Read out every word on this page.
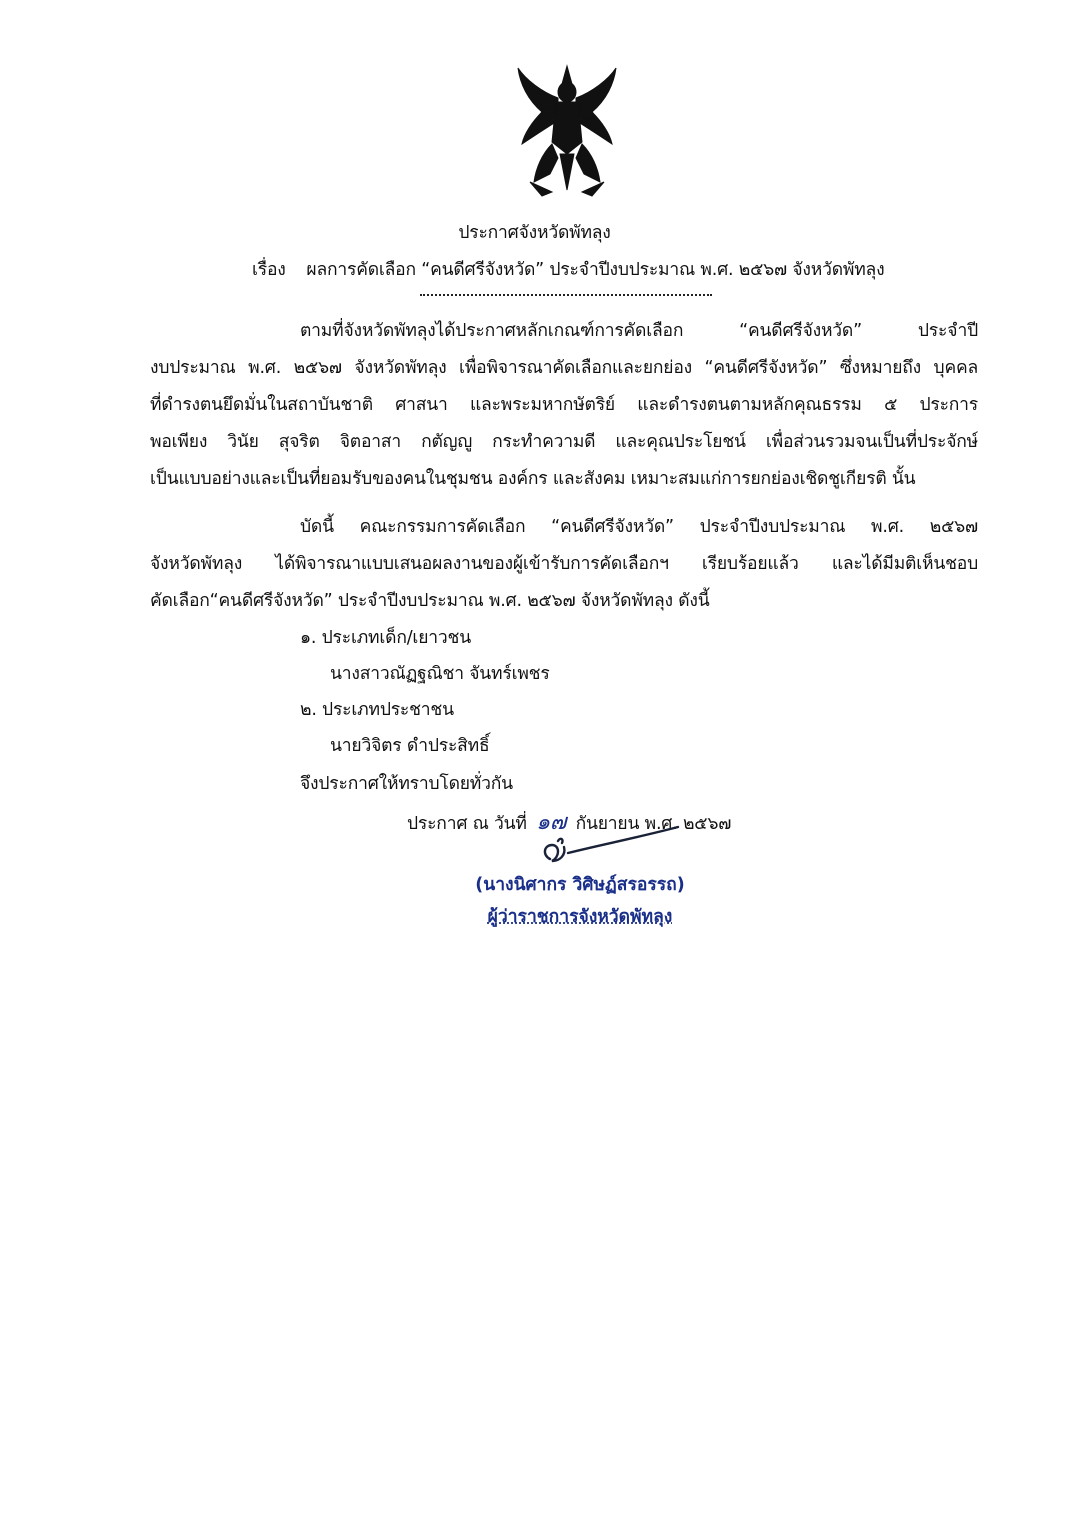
ประกาศจังหวัดพัทลุง
เรื่อง ผลการคัดเลือก “คนดีศรีจังหวัด” ประจำปีงบประมาณ พ.ศ. ๒๕๖๗ จังหวัดพัทลุง
ตามที่จังหวัดพัทลุงได้ประกาศหลักเกณฑ์การคัดเลือก “คนดีศรีจังหวัด” ประจำปี
งบประมาณ พ.ศ. ๒๕๖๗ จังหวัดพัทลุง เพื่อพิจารณาคัดเลือกและยกย่อง “คนดีศรีจังหวัด” ซึ่งหมายถึง บุคคล
ที่ดำรงตนยึดมั่นในสถาบันชาติ ศาสนา และพระมหากษัตริย์ และดำรงตนตามหลักคุณธรรม ๕ ประการ
พอเพียง วินัย สุจริต จิตอาสา กตัญญู กระทำความดี และคุณประโยชน์ เพื่อส่วนรวมจนเป็นที่ประจักษ์
เป็นแบบอย่างและเป็นที่ยอมรับของคนในชุมชน องค์กร และสังคม เหมาะสมแก่การยกย่องเชิดชูเกียรติ นั้น
บัดนี้ คณะกรรมการคัดเลือก “คนดีศรีจังหวัด” ประจำปีงบประมาณ พ.ศ. ๒๕๖๗
จังหวัดพัทลุง ได้พิจารณาแบบเสนอผลงานของผู้เข้ารับการคัดเลือกฯ เรียบร้อยแล้ว และได้มีมติเห็นชอบ
คัดเลือก“คนดีศรีจังหวัด” ประจำปีงบประมาณ พ.ศ. ๒๕๖๗ จังหวัดพัทลุง ดังนี้
๑. ประเภทเด็ก/เยาวชน
นางสาวณัฏฐณิชา จันทร์เพชร
๒. ประเภทประชาชน
นายวิจิตร ดำประสิทธิ์
จึงประกาศให้ทราบโดยทั่วกัน
ประกาศ ณ วันที่ ๑๗ กันยายน พ.ศ. ๒๕๖๗
(นางนิศากร วิศิษฏ์สรอรรถ)
ผู้ว่าราชการจังหวัดพัทลุง
